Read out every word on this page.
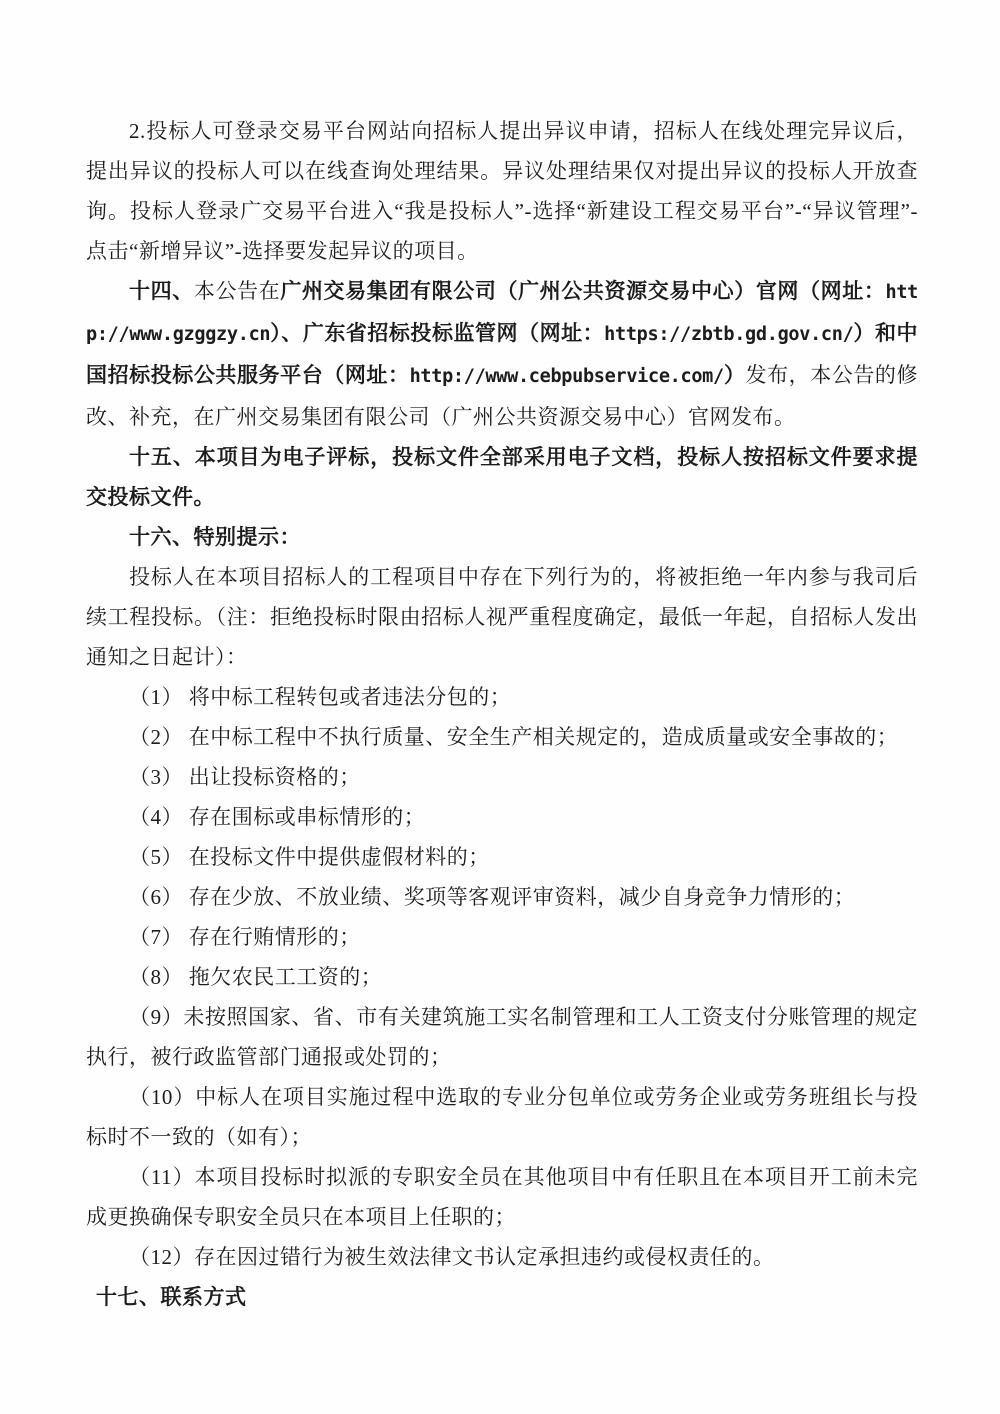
2.投标人可登录交易平台网站向招标人提出异议申请，招标人在线处理完异议后，提出异议的投标人可以在线查询处理结果。异议处理结果仅对提出异议的投标人开放查询。投标人登录广交易平台进入“我是投标人”-选择“新建设工程交易平台”-“异议管理”-点击“新增异议”-选择要发起异议的项目。

十四、本公告在广州交易集团有限公司（广州公共资源交易中心）官网（网址：http://www.gzggzy.cn）、广东省招标投标监管网（网址：https://zbtb.gd.gov.cn/）和中国招标投标公共服务平台（网址：http://www.cebpubservice.com/）发布，本公告的修改、补充，在广州交易集团有限公司（广州公共资源交易中心）官网发布。

十五、本项目为电子评标，投标文件全部采用电子文档，投标人按招标文件要求提交投标文件。

十六、特别提示：

投标人在本项目招标人的工程项目中存在下列行为的，将被拒绝一年内参与我司后续工程投标。（注：拒绝投标时限由招标人视严重程度确定，最低一年起，自招标人发出通知之日起计）：

（1） 将中标工程转包或者违法分包的；

（2） 在中标工程中不执行质量、安全生产相关规定的，造成质量或安全事故的；

（3） 出让投标资格的；

（4） 存在围标或串标情形的；

（5） 在投标文件中提供虚假材料的；

（6） 存在少放、不放业绩、奖项等客观评审资料，减少自身竞争力情形的；

（7） 存在行贿情形的；

（8） 拖欠农民工工资的；

（9）未按照国家、省、市有关建筑施工实名制管理和工人工资支付分账管理的规定执行，被行政监管部门通报或处罚的；

（10）中标人在项目实施过程中选取的专业分包单位或劳务企业或劳务班组长与投标时不一致的（如有）；

（11）本项目投标时拟派的专职安全员在其他项目中有任职且在本项目开工前未完成更换确保专职安全员只在本项目上任职的；

（12）存在因过错行为被生效法律文书认定承担违约或侵权责任的。

十七、联系方式
